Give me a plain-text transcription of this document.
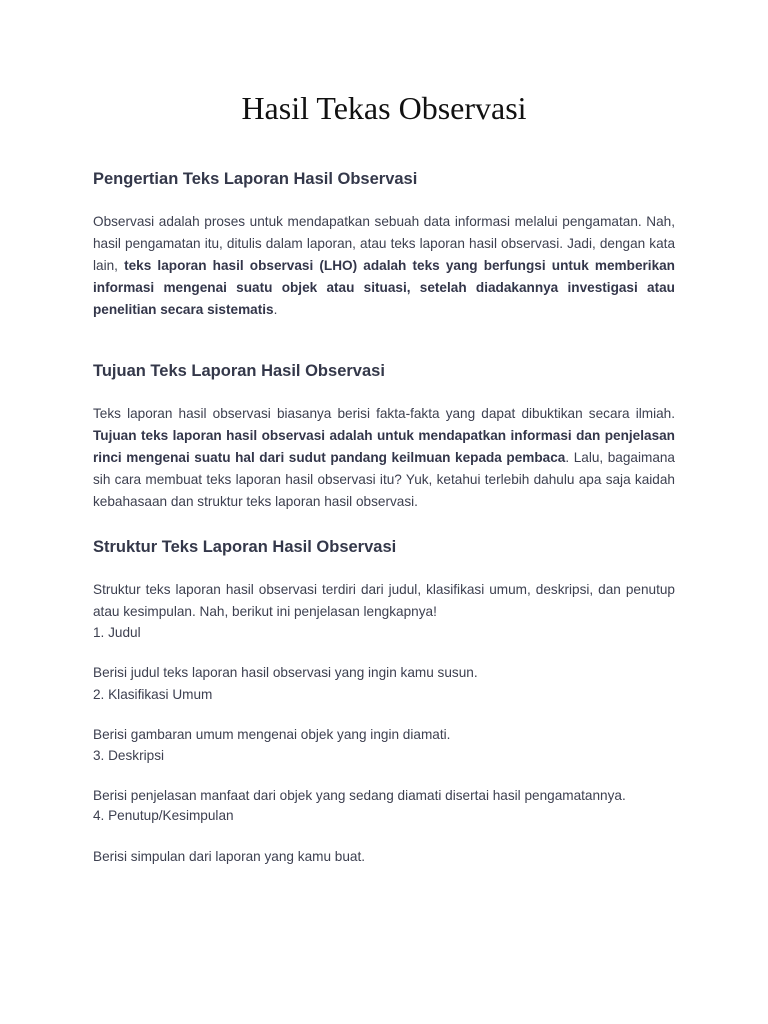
Hasil Tekas Observasi
Pengertian Teks Laporan Hasil Observasi

Observasi adalah proses untuk mendapatkan sebuah data informasi melalui pengamatan. Nah, hasil pengamatan itu, ditulis dalam laporan, atau teks laporan hasil observasi. Jadi, dengan kata lain, teks laporan hasil observasi (LHO) adalah teks yang berfungsi untuk memberikan informasi mengenai suatu objek atau situasi, setelah diadakannya investigasi atau penelitian secara sistematis.

Tujuan Teks Laporan Hasil Observasi

Teks laporan hasil observasi biasanya berisi fakta-fakta yang dapat dibuktikan secara ilmiah. Tujuan teks laporan hasil observasi adalah untuk mendapatkan informasi dan penjelasan rinci mengenai suatu hal dari sudut pandang keilmuan kepada pembaca. Lalu, bagaimana sih cara membuat teks laporan hasil observasi itu? Yuk, ketahui terlebih dahulu apa saja kaidah kebahasaan dan struktur teks laporan hasil observasi.

Struktur Teks Laporan Hasil Observasi

Struktur teks laporan hasil observasi terdiri dari judul, klasifikasi umum, deskripsi, dan penutup atau kesimpulan. Nah, berikut ini penjelasan lengkapnya!

1. Judul

Berisi judul teks laporan hasil observasi yang ingin kamu susun.

2. Klasifikasi Umum

Berisi gambaran umum mengenai objek yang ingin diamati.

3. Deskripsi

Berisi penjelasan manfaat dari objek yang sedang diamati disertai hasil pengamatannya.

4. Penutup/Kesimpulan

Berisi simpulan dari laporan yang kamu buat.
